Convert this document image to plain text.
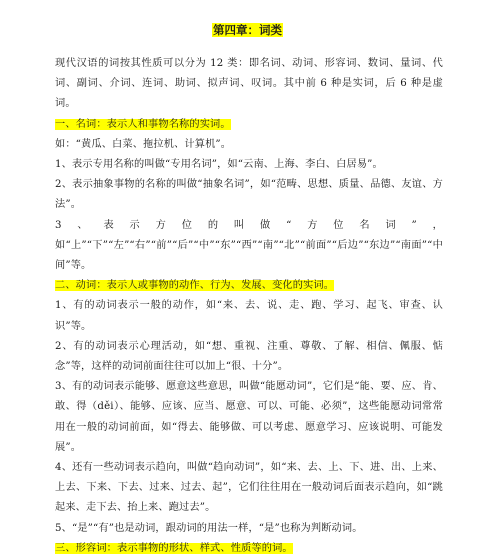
第四章：词类

现代汉语的词按其性质可以分为 12 类：即名词、动词、形容词、数词、量词、代词、副词、介词、连词、助词、拟声词、叹词。其中前 6 种是实词，后 6 种是虚词。

一、名词：表示人和事物名称的实词。

如：“黄瓜、白菜、拖拉机、计算机”。

1、表示专用名称的叫做“专用名词”，如“云南、上海、李白、白居易”。

2、表示抽象事物的名称的叫做“抽象名词”，如“范畴、思想、质量、品德、友谊、方法”。

3、表示方位的叫做“方位名词”，如“上”“下”“左”“右”“前”“后”“中”“东”“西”“南”“北”“前面”“后边”“东边”“南面”“中间”等。

二、动词：表示人或事物的动作、行为、发展、变化的实词。

1、有的动词表示一般的动作，如“来、去、说、走、跑、学习、起飞、审查、认识”等。

2、有的动词表示心理活动，如“想、重视、注重、尊敬、了解、相信、佩服、惦念”等，这样的动词前面往往可以加上“很、十分”。

3、有的动词表示能够、愿意这些意思，叫做“能愿动词”，它们是“能、要、应、肯、敢、得（děi）、能够、应该、应当、愿意、可以、可能、必须”，这些能愿动词常常用在一般的动词前面，如“得去、能够做、可以考虑、愿意学习、应该说明、可能发展”。

4、还有一些动词表示趋向，叫做“趋向动词”，如“来、去、上、下、进、出、上来、上去、下来、下去、过来、过去、起”，它们往往用在一般动词后面表示趋向，如“跳起来、走下去、抬上来、跑过去”。

5、“是”“有”也是动词，跟动词的用法一样，“是”也称为判断动词。

三、形容词：表示事物的形状、样式、性质等的词。
